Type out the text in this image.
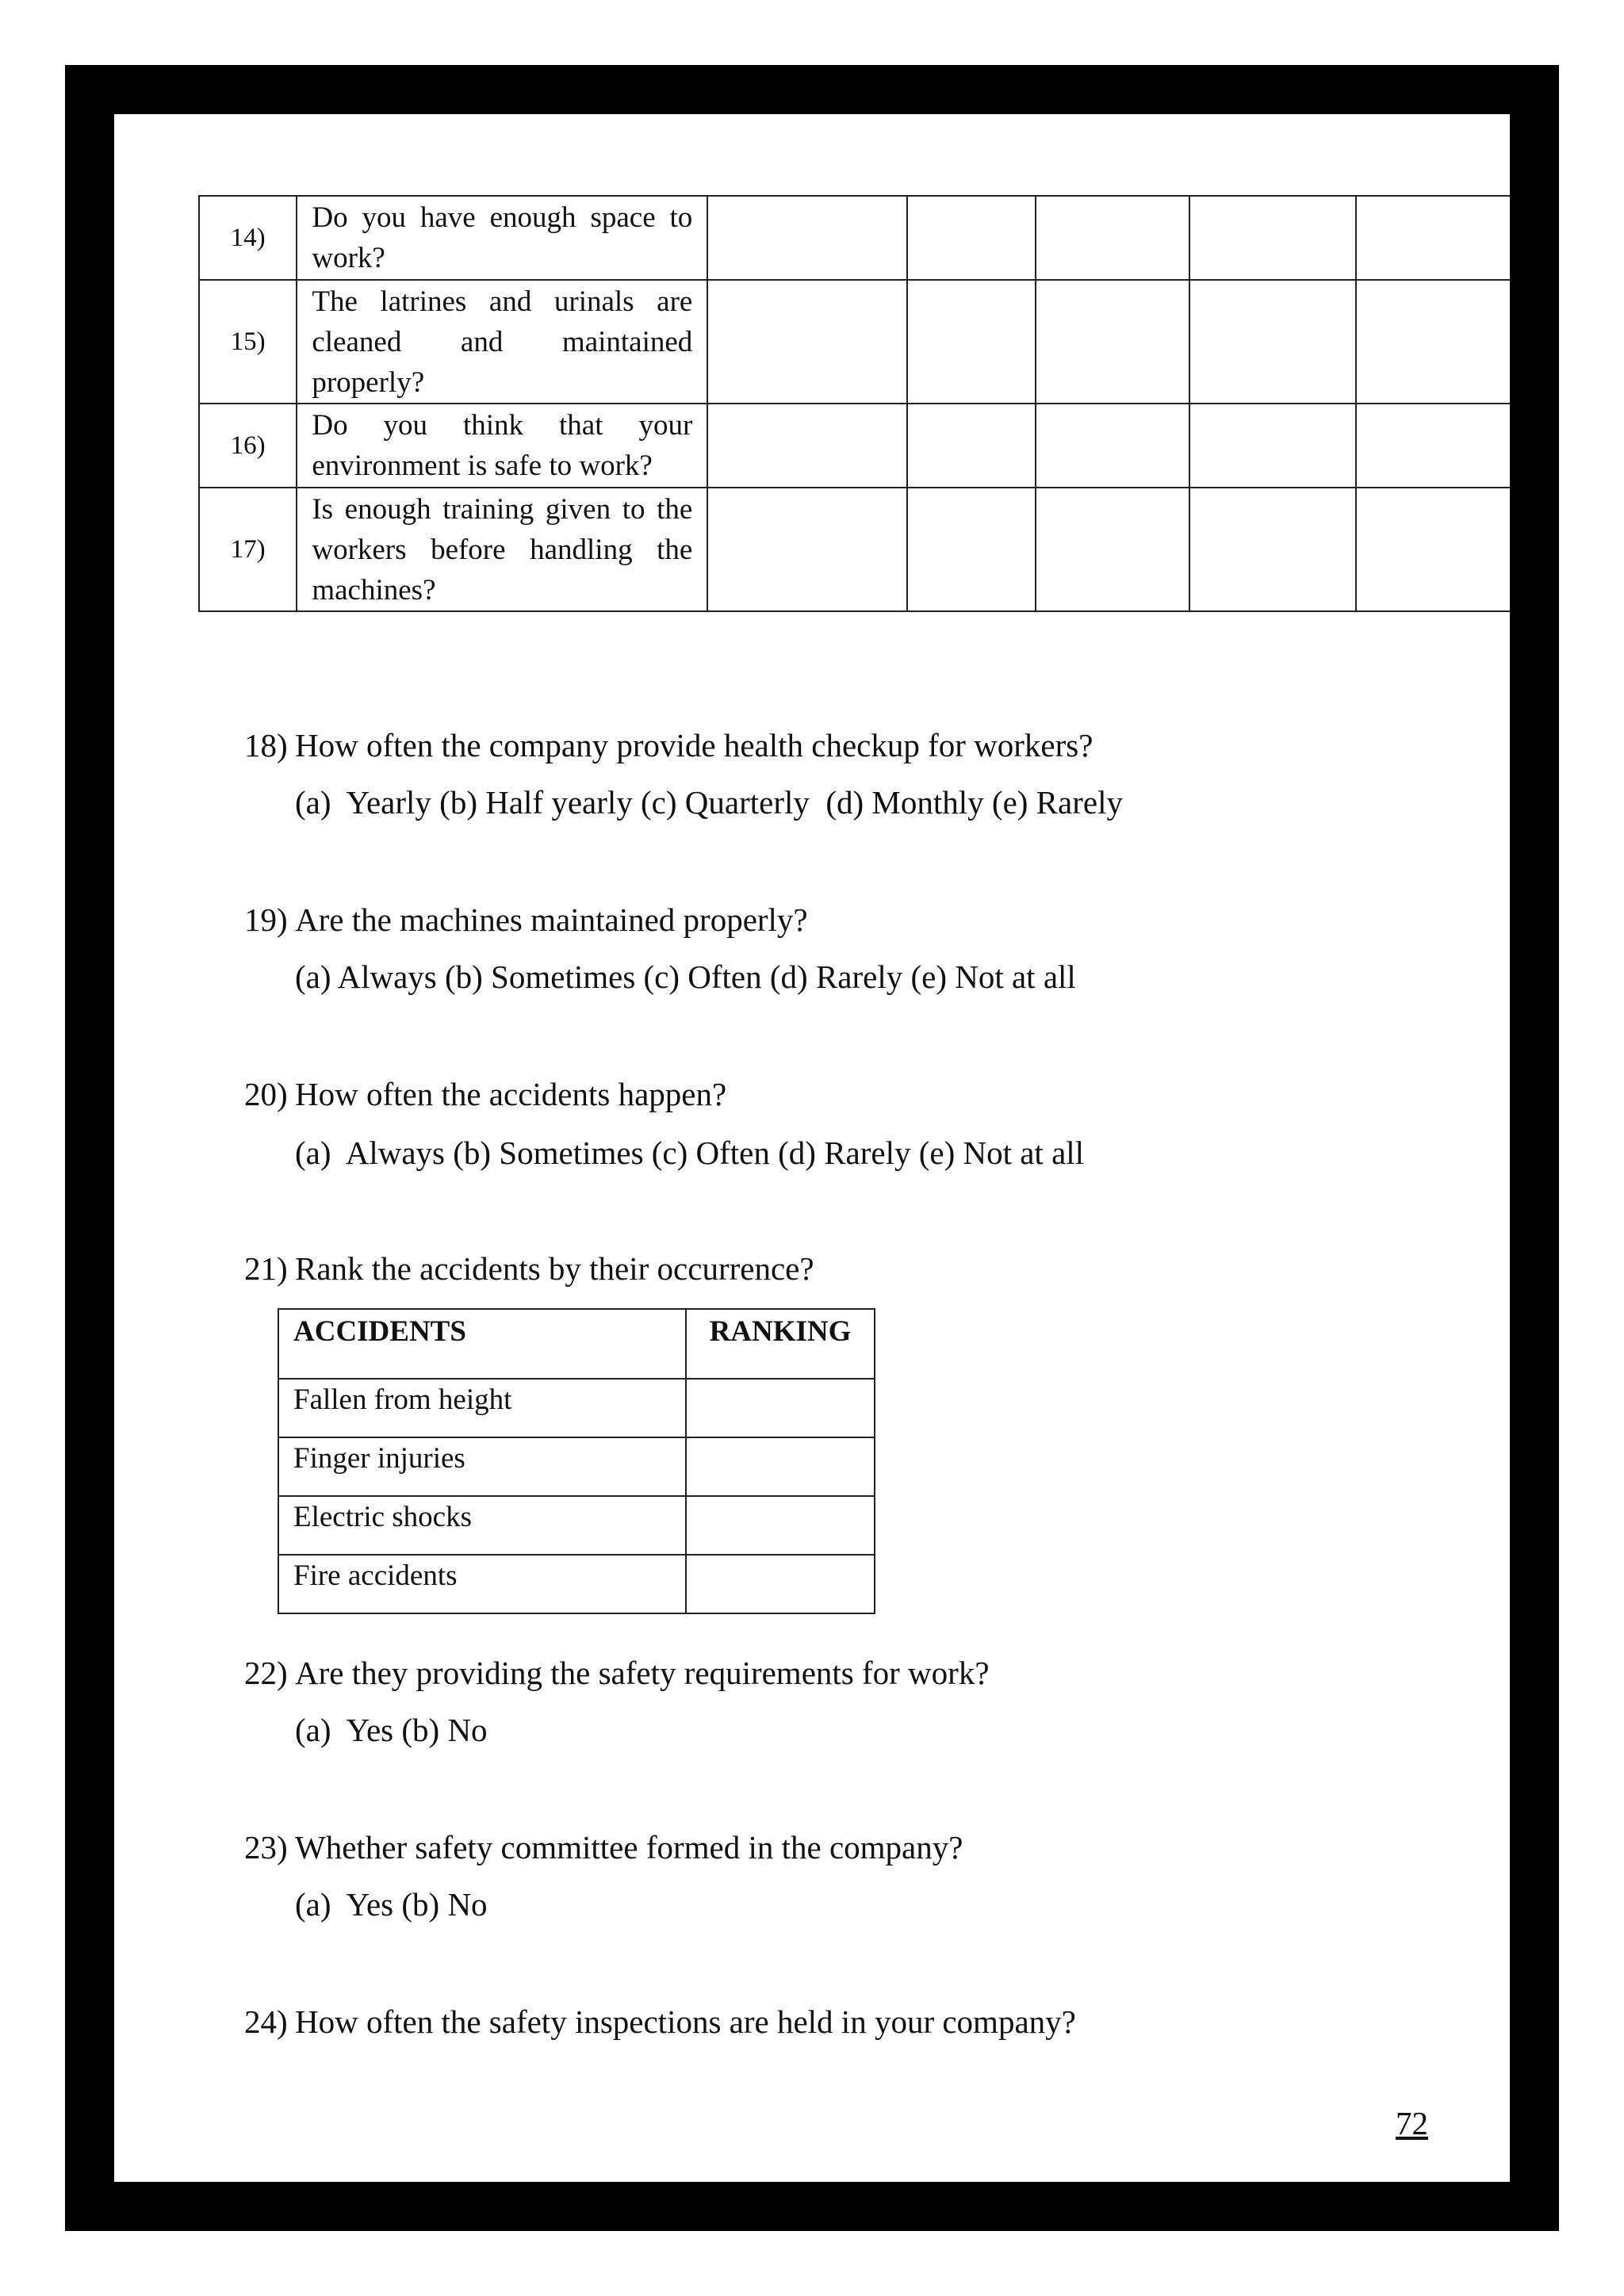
14)	Do you have enough space to work?					
15)	The latrines and urinals are cleaned and maintained properly?					
16)	Do you think that your environment is safe to work?					
17)	Is enough training given to the workers before handling the machines?					
18) How often the company provide health checkup for workers?
(a)  Yearly (b) Half yearly (c) Quarterly  (d) Monthly (e) Rarely
19) Are the machines maintained properly?
(a) Always (b) Sometimes (c) Often (d) Rarely (e) Not at all
20) How often the accidents happen?
(a)  Always (b) Sometimes (c) Often (d) Rarely (e) Not at all
21) Rank the accidents by their occurrence?
ACCIDENTS	RANKING
Fallen from height	
Finger injuries	
Electric shocks	
Fire accidents	
22) Are they providing the safety requirements for work?
(a)  Yes (b) No
23) Whether safety committee formed in the company?
(a)  Yes (b) No
24) How often the safety inspections are held in your company?
72
